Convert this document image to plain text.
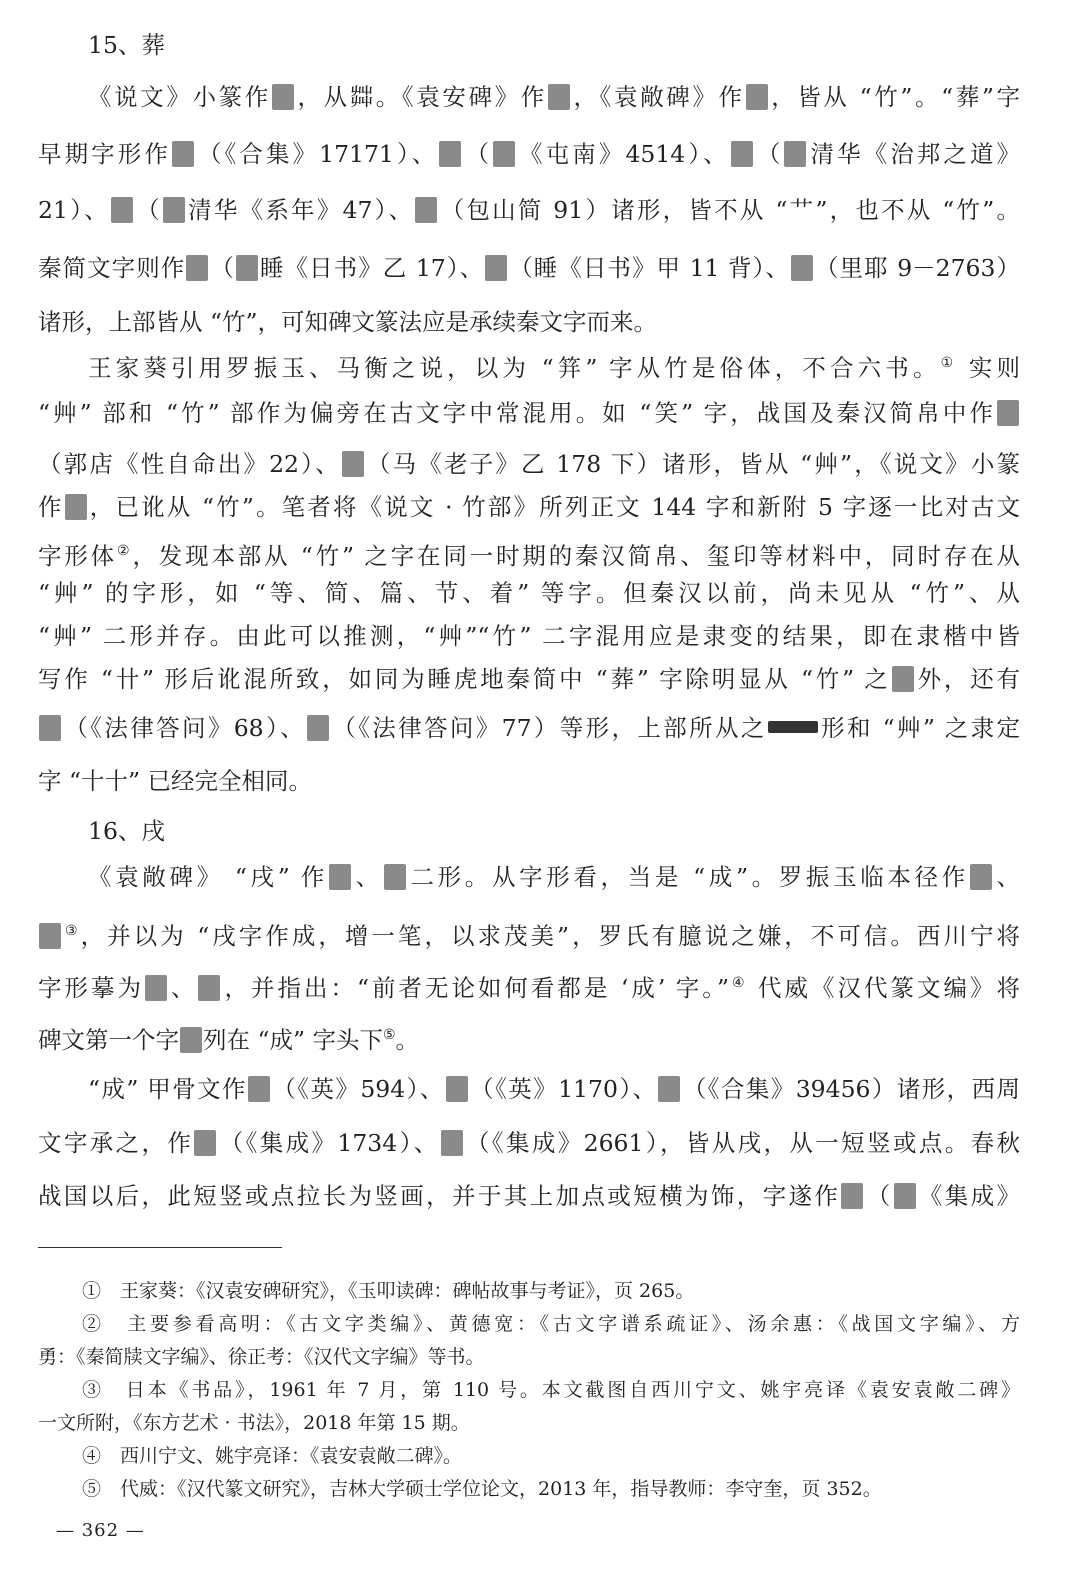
15、葬
《说文》小篆作 ，从茻。《袁安碑》作 ，《袁敞碑》作 ，皆从 “竹”。“葬”字
早期字形作 （《合集》17171）、 （ 《屯南》4514）、 （ 清华《治邦之道》
21）、 （ 清华《系年》47）、 （包山简 91）诸形，皆不从 “艹”，也不从 “竹”。
秦简文字则作 （ 睡《日书》乙 17）、 （睡《日书》甲 11 背）、 （里耶 9－2763）
诸形，上部皆从 “竹”，可知碑文篆法应是承续秦文字而来。
王家葵引用罗振玉、马衡之说，以为 “䈂” 字从竹是俗体，不合六书。① 实则
“艸” 部和 “竹” 部作为偏旁在古文字中常混用。如 “笑” 字，战国及秦汉简帛中作
（郭店《性自命出》22）、 （马《老子》乙 178 下）诸形，皆从 “艸”，《说文》小篆
作 ，已讹从 “竹”。笔者将《说文 · 竹部》所列正文 144 字和新附 5 字逐一比对古文
字形体②，发现本部从 “竹” 之字在同一时期的秦汉简帛、玺印等材料中，同时存在从
“艸” 的字形，如 “等、简、篇、节、着” 等字。但秦汉以前，尚未见从 “竹”、从
“艸” 二形并存。由此可以推测，“艸”“竹” 二字混用应是隶变的结果，即在隶楷中皆
写作 “卄” 形后讹混所致，如同为睡虎地秦简中 “葬” 字除明显从 “竹” 之 外，还有
（《法律答问》68）、 （《法律答问》77）等形，上部所从之 形和 “艸” 之隶定
字 “十十” 已经完全相同。
16、戌
《袁敞碑》 “戌” 作 、 二形。从字形看，当是 “成”。罗振玉临本径作 、
③，并以为 “戌字作成，增一笔，以求茂美”，罗氏有臆说之嫌，不可信。西川宁将
字形摹为 、 ，并指出：“前者无论如何看都是 ‘成’ 字。”④ 代威《汉代篆文编》将
碑文第一个字 列在 “成” 字头下⑤。
“成” 甲骨文作 （《英》594）、 （《英》1170）、 （《合集》39456）诸形，西周
文字承之，作 （《集成》1734）、 （《集成》2661），皆从戌，从一短竖或点。春秋
战国以后，此短竖或点拉长为竖画，并于其上加点或短横为饰，字遂作 （ 《集成》
①　王家葵：《汉袁安碑研究》，《玉叩读碑：碑帖故事与考证》，页 265。
②　主要参看高明：《古文字类编》、黄德宽：《古文字谱系疏证》、汤余惠：《战国文字编》、方
勇：《秦简牍文字编》、徐正考：《汉代文字编》等书。
③　日本《书品》，1961 年 7 月，第 110 号。本文截图自西川宁文、姚宇亮译《袁安袁敞二碑》
一文所附，《东方艺术 · 书法》，2018 年第 15 期。
④　西川宁文、姚宇亮译：《袁安袁敞二碑》。
⑤　代威：《汉代篆文研究》，吉林大学硕士学位论文，2013 年，指导教师：李守奎，页 352。
— 362 —
